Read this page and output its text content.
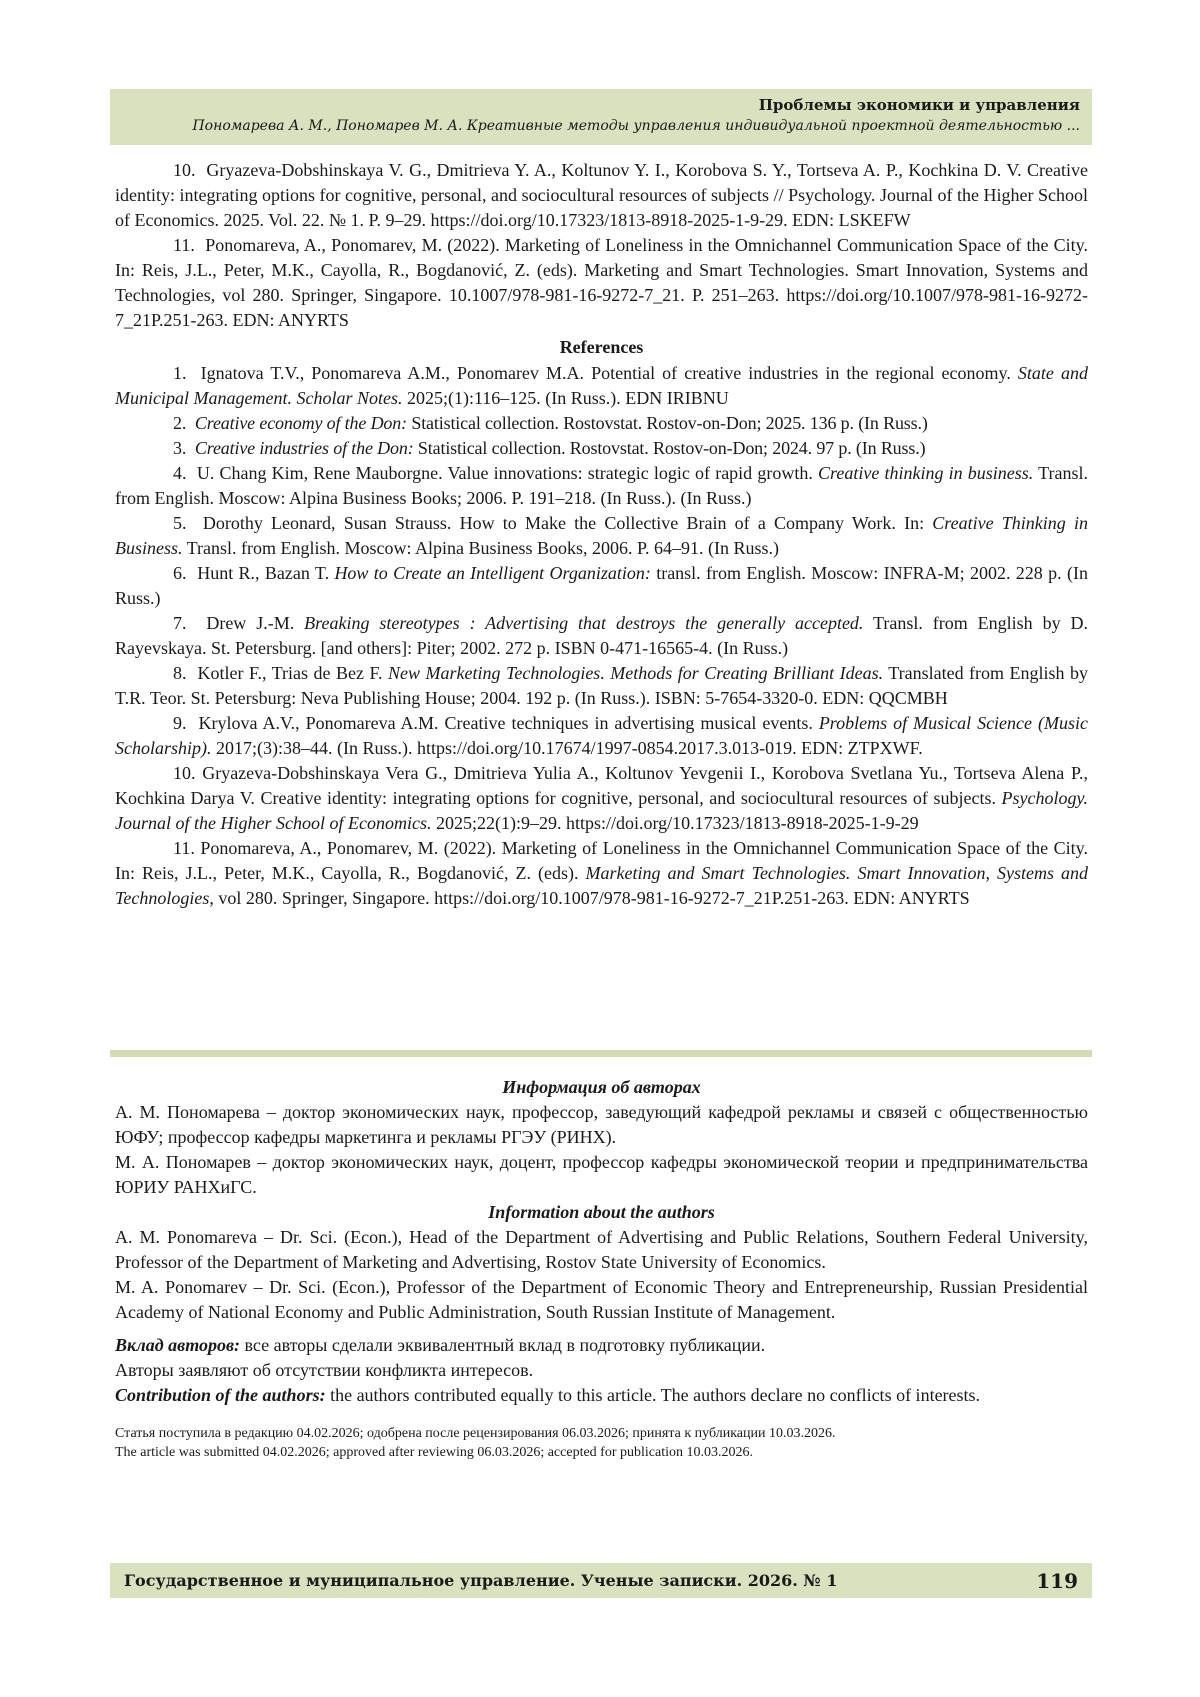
Проблемы экономики и управления
Пономарева А. М., Пономарев М. А. Креативные методы управления индивидуальной проектной деятельностью ...

10. Gryazeva-Dobshinskaya V. G., Dmitrieva Y. A., Koltunov Y. I., Korobova S. Y., Tortseva A. P., Kochkina D. V. Creative identity: integrating options for cognitive, personal, and sociocultural resources of subjects // Psychology. Journal of the Higher School of Economics. 2025. Vol. 22. № 1. P. 9–29. https://doi.org/10.17323/1813-8918-2025-1-9-29. EDN: LSKEFW

11. Ponomareva, A., Ponomarev, M. (2022). Marketing of Loneliness in the Omnichannel Communication Space of the City. In: Reis, J.L., Peter, M.K., Cayolla, R., Bogdanović, Z. (eds). Marketing and Smart Technologies. Smart Innovation, Systems and Technologies, vol 280. Springer, Singapore. 10.1007/978-981-16-9272-7_21. P. 251–263. https://doi.org/10.1007/978-981-16-9272-7_21P.251-263. EDN: ANYRTS

References

1. Ignatova T.V., Ponomareva A.M., Ponomarev M.A. Potential of creative industries in the regional economy. State and Municipal Management. Scholar Notes. 2025;(1):116–125. (In Russ.). EDN IRIBNU

2. Creative economy of the Don: Statistical collection. Rostovstat. Rostov-on-Don; 2025. 136 p. (In Russ.)

3. Creative industries of the Don: Statistical collection. Rostovstat. Rostov-on-Don; 2024. 97 p. (In Russ.)

4. U. Chang Kim, Rene Mauborgne. Value innovations: strategic logic of rapid growth. Creative thinking in business. Transl. from English. Moscow: Alpina Business Books; 2006. P. 191–218. (In Russ.). (In Russ.)

5. Dorothy Leonard, Susan Strauss. How to Make the Collective Brain of a Company Work. In: Creative Thinking in Business. Transl. from English. Moscow: Alpina Business Books, 2006. P. 64–91. (In Russ.)

6. Hunt R., Bazan T. How to Create an Intelligent Organization: transl. from English. Moscow: INFRA-M; 2002. 228 p. (In Russ.)

7. Drew J.-M. Breaking stereotypes : Advertising that destroys the generally accepted. Transl. from English by D. Rayevskaya. St. Petersburg. [and others]: Piter; 2002. 272 p. ISBN 0-471-16565-4. (In Russ.)

8. Kotler F., Trias de Bez F. New Marketing Technologies. Methods for Creating Brilliant Ideas. Translated from English by T.R. Teor. St. Petersburg: Neva Publishing House; 2004. 192 p. (In Russ.). ISBN: 5-7654-3320-0. EDN: QQCMBH

9. Krylova A.V., Ponomareva A.M. Creative techniques in advertising musical events. Problems of Musical Science (Music Scholarship). 2017;(3):38–44. (In Russ.). https://doi.org/10.17674/1997-0854.2017.3.013-019. EDN: ZTPXWF.

10. Gryazeva-Dobshinskaya Vera G., Dmitrieva Yulia A., Koltunov Yevgenii I., Korobova Svetlana Yu., Tortseva Alena P., Kochkina Darya V. Creative identity: integrating options for cognitive, personal, and sociocultural resources of subjects. Psychology. Journal of the Higher School of Economics. 2025;22(1):9–29. https://doi.org/10.17323/1813-8918-2025-1-9-29

11. Ponomareva, A., Ponomarev, M. (2022). Marketing of Loneliness in the Omnichannel Communication Space of the City. In: Reis, J.L., Peter, M.K., Cayolla, R., Bogdanović, Z. (eds). Marketing and Smart Technologies. Smart Innovation, Systems and Technologies, vol 280. Springer, Singapore. https://doi.org/10.1007/978-981-16-9272-7_21P.251-263. EDN: ANYRTS

Информация об авторах

А. М. Пономарева – доктор экономических наук, профессор, заведующий кафедрой рекламы и связей с общественностью ЮФУ; профессор кафедры маркетинга и рекламы РГЭУ (РИНХ).

М. А. Пономарев – доктор экономических наук, доцент, профессор кафедры экономической теории и предпринимательства ЮРИУ РАНХиГС.

Information about the authors

A. M. Ponomareva – Dr. Sci. (Econ.), Head of the Department of Advertising and Public Relations, Southern Federal University, Professor of the Department of Marketing and Advertising, Rostov State University of Economics.

M. A. Ponomarev – Dr. Sci. (Econ.), Professor of the Department of Economic Theory and Entrepreneurship, Russian Presidential Academy of National Economy and Public Administration, South Russian Institute of Management.

Вклад авторов: все авторы сделали эквивалентный вклад в подготовку публикации.

Авторы заявляют об отсутствии конфликта интересов.

Contribution of the authors: the authors contributed equally to this article. The authors declare no conflicts of interests.

Статья поступила в редакцию 04.02.2026; одобрена после рецензирования 06.03.2026; принята к публикации 10.03.2026.
The article was submitted 04.02.2026; approved after reviewing 06.03.2026; accepted for publication 10.03.2026.

Государственное и муниципальное управление. Ученые записки. 2026. № 1	119
